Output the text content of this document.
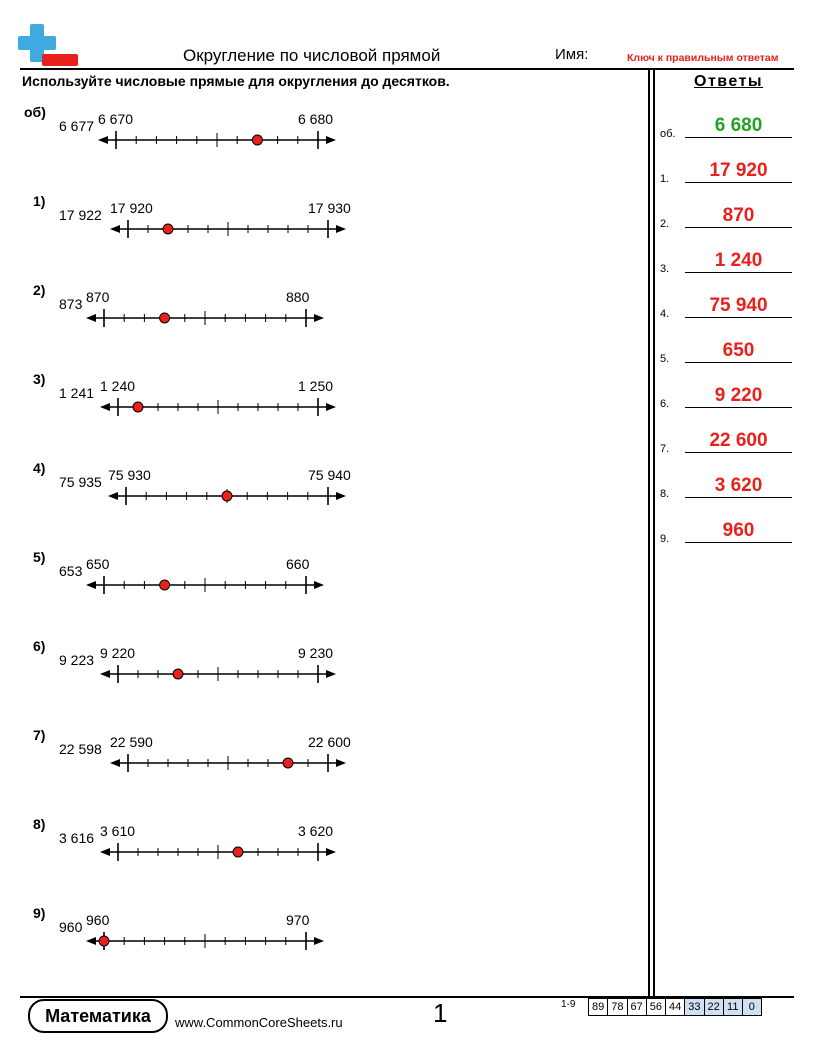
Округление по числовой прямой	Имя:	Ключ к правильным ответам
Используйте числовые прямые для округления до десятков.	Ответы
об)
6 677 6 670	6 680
1)
17 922 17 920	17 930
2)
873 870	880
3)
1 241 1 240	1 250
4)
75 935 75 930	75 940
5)
653 650	660
6)
9 223 9 220	9 230
7)
22 598 22 590	22 600
8)
3 616 3 610	3 620
9)
960 960	970
об.	6 680
1.	17 920
2.	870
3.	1 240
4.	75 940
5.	650
6.	9 220
7.	22 600
8.	3 620
9.	960
Математика	www.CommonCoreSheets.ru	1	1-9 89 78 67 56 44 33 22 11 0
